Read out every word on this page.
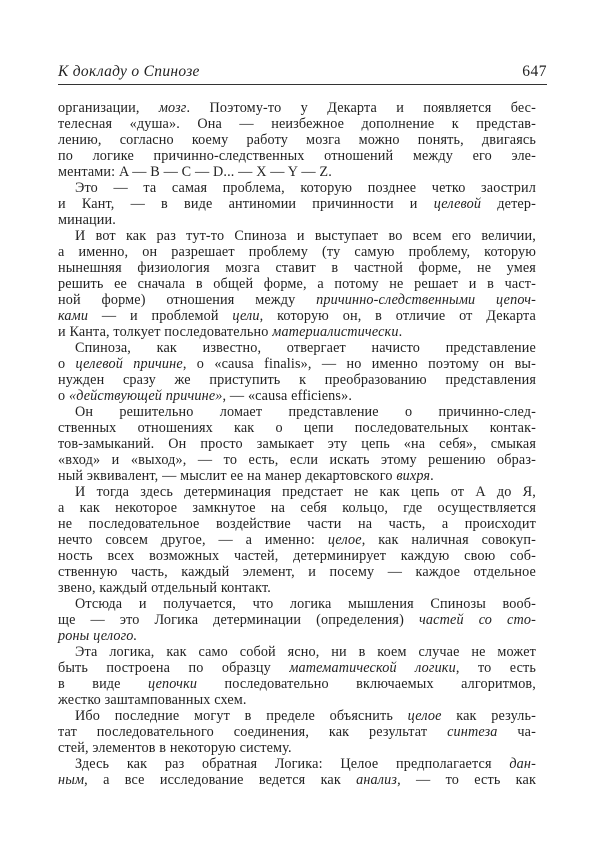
К докладу о Спинозе	647
организации, мозг. Поэтому-то у Декарта и появляется бес-
телесная «душа». Она — неизбежное дополнение к представ-
лению, согласно коему работу мозга можно понять, двигаясь
по логике причинно-следственных отношений между его эле-
ментами: A — B — C — D... — X — Y — Z.
Это — та самая проблема, которую позднее четко заострил
и Кант, — в виде антиномии причинности и целевой детер-
минации.
И вот как раз тут-то Спиноза и выступает во всем его величии,
а именно, он разрешает проблему (ту самую проблему, которую
нынешняя физиология мозга ставит в частной форме, не умея
решить ее сначала в общей форме, а потому не решает и в част-
ной форме) отношения между причинно-следственными цепоч-
ками — и проблемой цели, которую он, в отличие от Декарта
и Канта, толкует последовательно материалистически.
Спиноза, как известно, отвергает начисто представление
о целевой причине, о «causa finalis», — но именно поэтому он вы-
нужден сразу же приступить к преобразованию представления
о «действующей причине», — «causa efficiens».
Он решительно ломает представление о причинно-след-
ственных отношениях как о цепи последовательных контак-
тов-замыканий. Он просто замыкает эту цепь «на себя», смыкая
«вход» и «выход», — то есть, если искать этому решению образ-
ный эквивалент, — мыслит ее на манер декартовского вихря.
И тогда здесь детерминация предстает не как цепь от А до Я,
а как некоторое замкнутое на себя кольцо, где осуществляется
не последовательное воздействие части на часть, а происходит
нечто совсем другое, — а именно: целое, как наличная совокуп-
ность всех возможных частей, детерминирует каждую свою соб-
ственную часть, каждый элемент, и посему — каждое отдельное
звено, каждый отдельный контакт.
Отсюда и получается, что логика мышления Спинозы вооб-
ще — это Логика детерминации (определения) частей со сто-
роны целого.
Эта логика, как само собой ясно, ни в коем случае не может
быть построена по образцу математической логики, то есть
в виде цепочки последовательно включаемых алгоритмов,
жестко заштампованных схем.
Ибо последние могут в пределе объяснить целое как резуль-
тат последовательного соединения, как результат синтеза ча-
стей, элементов в некоторую систему.
Здесь как раз обратная Логика: Целое предполагается дан-
ным, а все исследование ведется как анализ, — то есть как
